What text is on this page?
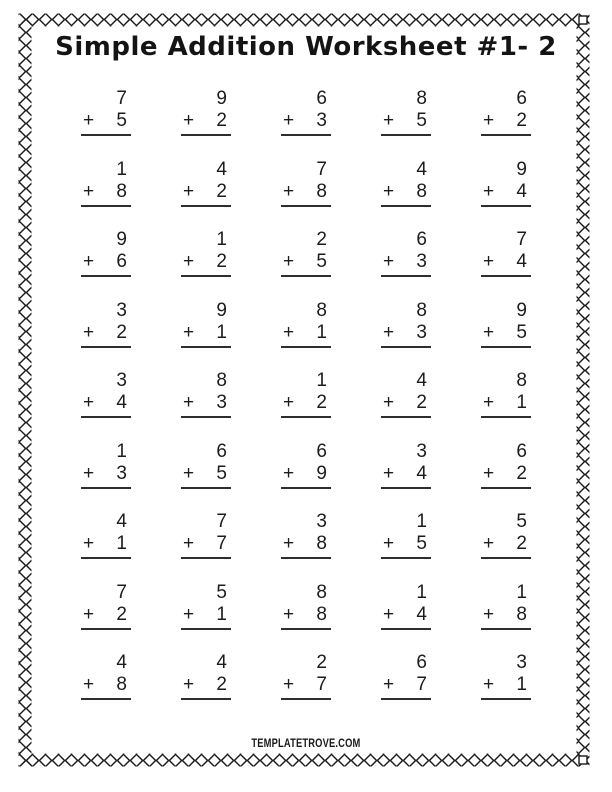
Simple Addition Worksheet #1- 2
7
+ 5
9
+ 2
6
+ 3
8
+ 5
6
+ 2
1
+ 8
4
+ 2
7
+ 8
4
+ 8
9
+ 4
9
+ 6
1
+ 2
2
+ 5
6
+ 3
7
+ 4
3
+ 2
9
+ 1
8
+ 1
8
+ 3
9
+ 5
3
+ 4
8
+ 3
1
+ 2
4
+ 2
8
+ 1
1
+ 3
6
+ 5
6
+ 9
3
+ 4
6
+ 2
4
+ 1
7
+ 7
3
+ 8
1
+ 5
5
+ 2
7
+ 2
5
+ 1
8
+ 8
1
+ 4
1
+ 8
4
+ 8
4
+ 2
2
+ 7
6
+ 7
3
+ 1
TEMPLATETROVE.COM
